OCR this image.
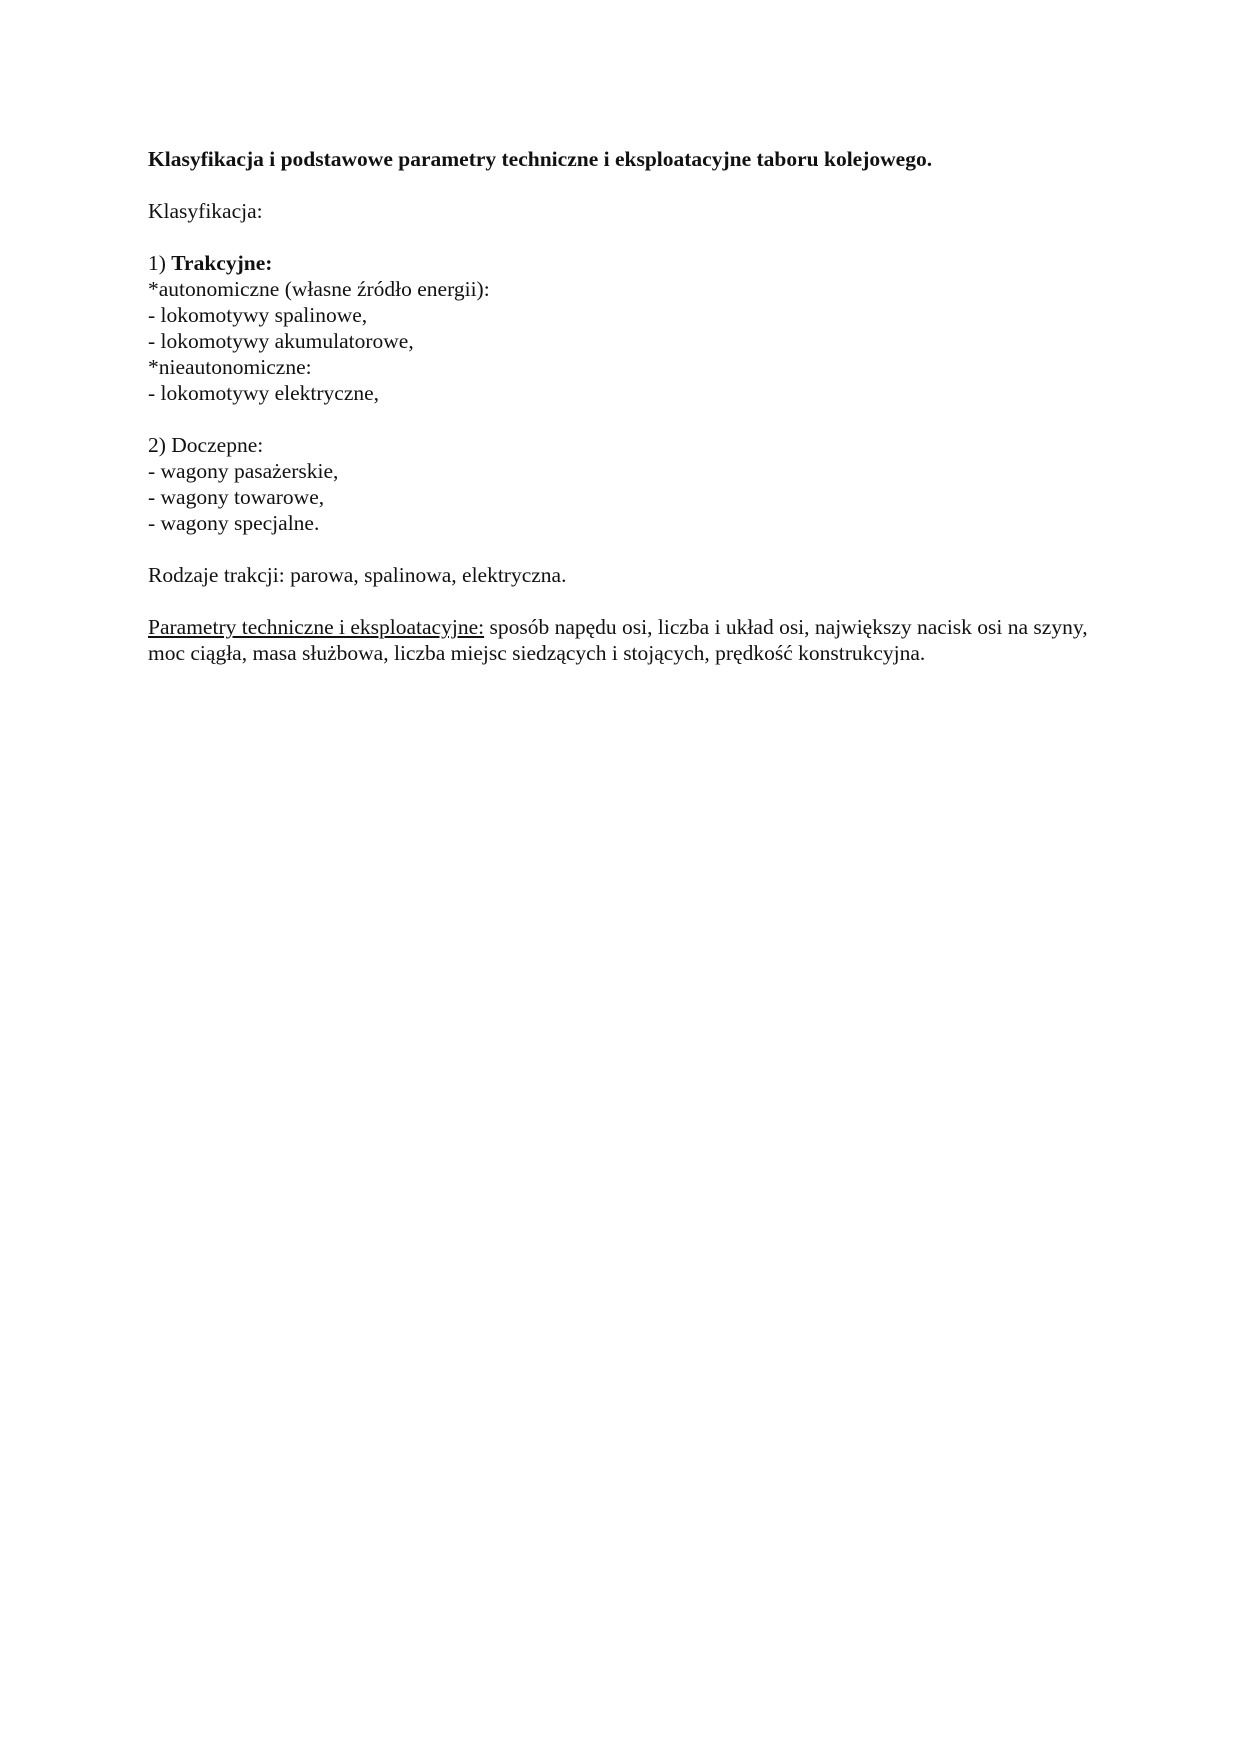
Klasyfikacja i podstawowe parametry techniczne i eksploatacyjne taboru kolejowego.

Klasyfikacja:

1) Trakcyjne:

*autonomiczne (własne źródło energii):

- lokomotywy spalinowe,

- lokomotywy akumulatorowe,

*nieautonomiczne:

- lokomotywy elektryczne,

2) Doczepne:

- wagony pasażerskie,

- wagony towarowe,

- wagony specjalne.

Rodzaje trakcji: parowa, spalinowa, elektryczna.

Parametry techniczne i eksploatacyjne: sposób napędu osi, liczba i układ osi, największy nacisk osi na szyny, moc ciągła, masa służbowa, liczba miejsc siedzących i stojących, prędkość konstrukcyjna.
